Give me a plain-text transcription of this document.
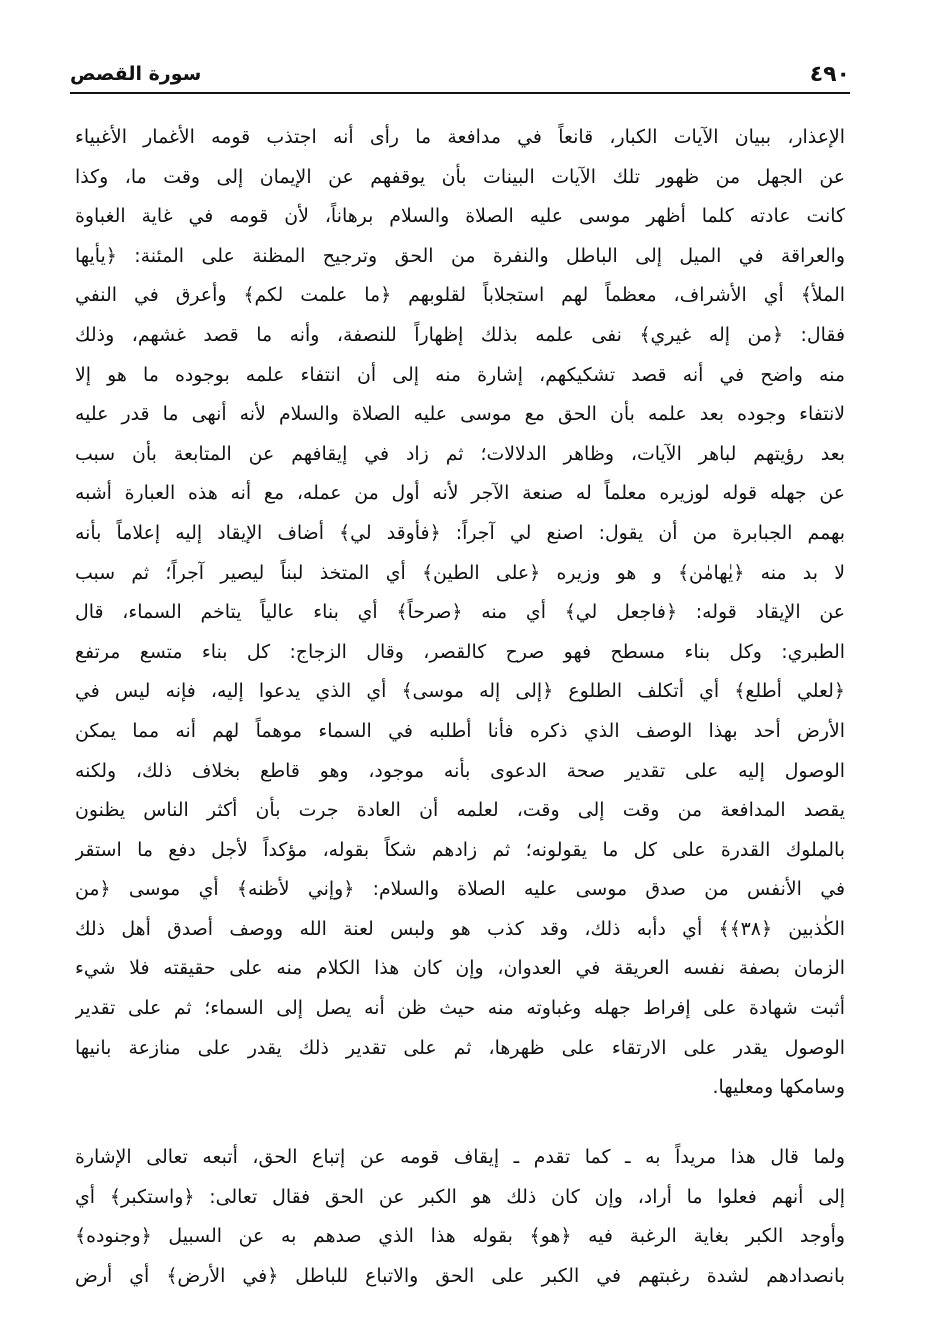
٤٩٠
سورة القصص
الإعذار، ببيان الآيات الكبار، قانعاً في مدافعة ما رأى أنه اجتذب قومه الأغمار الأغبياء
عن الجهل من ظهور تلك الآيات البينات بأن يوقفهم عن الإيمان إلى وقت ما، وكذا
كانت عادته كلما أظهر موسى عليه الصلاة والسلام برهاناً، لأن قومه في غاية الغباوة
والعراقة في الميل إلى الباطل والنفرة من الحق وترجيح المظنة على المئنة: ﴿يأيها
الملأ﴾ أي الأشراف، معظماً لهم استجلاباً لقلوبهم ﴿ما علمت لكم﴾ وأعرق في النفي
فقال: ﴿من إله غيري﴾ نفى علمه بذلك إظهاراً للنصفة، وأنه ما قصد غشهم، وذلك
منه واضح في أنه قصد تشكيكهم، إشارة منه إلى أن انتفاء علمه بوجوده ما هو إلا
لانتفاء وجوده بعد علمه بأن الحق مع موسى عليه الصلاة والسلام لأنه أنهى ما قدر عليه
بعد رؤيتهم لباهر الآيات، وظاهر الدلالات؛ ثم زاد في إيقافهم عن المتابعة بأن سبب
عن جهله قوله لوزيره معلماً له صنعة الآجر لأنه أول من عمله، مع أنه هذه العبارة أشبه
بهمم الجبابرة من أن يقول: اصنع لي آجراً: ﴿فأوقد لي﴾ أضاف الإيقاد إليه إعلاماً بأنه
لا بد منه ﴿يٰهامٰن﴾ و هو وزيره ﴿على الطين﴾ أي المتخذ لبناً ليصير آجراً؛ ثم سبب
عن الإيقاد قوله: ﴿فاجعل لي﴾ أي منه ﴿صرحاً﴾ أي بناء عالياً يتاخم السماء، قال
الطبري: وكل بناء مسطح فهو صرح كالقصر، وقال الزجاج: كل بناء متسع مرتفع
﴿لعلي أطلع﴾ أي أتكلف الطلوع ﴿إلى إله موسى﴾ أي الذي يدعوا إليه، فإنه ليس في
الأرض أحد بهذا الوصف الذي ذكره فأنا أطلبه في السماء موهماً لهم أنه مما يمكن
الوصول إليه على تقدير صحة الدعوى بأنه موجود، وهو قاطع بخلاف ذلك، ولكنه
يقصد المدافعة من وقت إلى وقت، لعلمه أن العادة جرت بأن أكثر الناس يظنون
بالملوك القدرة على كل ما يقولونه؛ ثم زادهم شكاً بقوله، مؤكداً لأجل دفع ما استقر
في الأنفس من صدق موسى عليه الصلاة والسلام: ﴿وإني لأظنه﴾ أي موسى ﴿من
الكٰذبين ﴿٣٨﴾﴾ أي دأبه ذلك، وقد كذب هو ولبس لعنة الله ووصف أصدق أهل ذلك
الزمان بصفة نفسه العريقة في العدوان، وإن كان هذا الكلام منه على حقيقته فلا شيء
أثبت شهادة على إفراط جهله وغباوته منه حيث ظن أنه يصل إلى السماء؛ ثم على تقدير
الوصول يقدر على الارتقاء على ظهرها، ثم على تقدير ذلك يقدر على منازعة بانيها
وسامكها ومعليها.
ولما قال هذا مريداً به ـ كما تقدم ـ إيقاف قومه عن إتباع الحق، أتبعه تعالى الإشارة
إلى أنهم فعلوا ما أراد، وإن كان ذلك هو الكبر عن الحق فقال تعالى: ﴿واستكبر﴾ أي
وأوجد الكبر بغاية الرغبة فيه ﴿هو﴾ بقوله هذا الذي صدهم به عن السبيل ﴿وجنوده﴾
بانصدادهم لشدة رغبتهم في الكبر على الحق والاتباع للباطل ﴿في الأرض﴾ أي أرض
